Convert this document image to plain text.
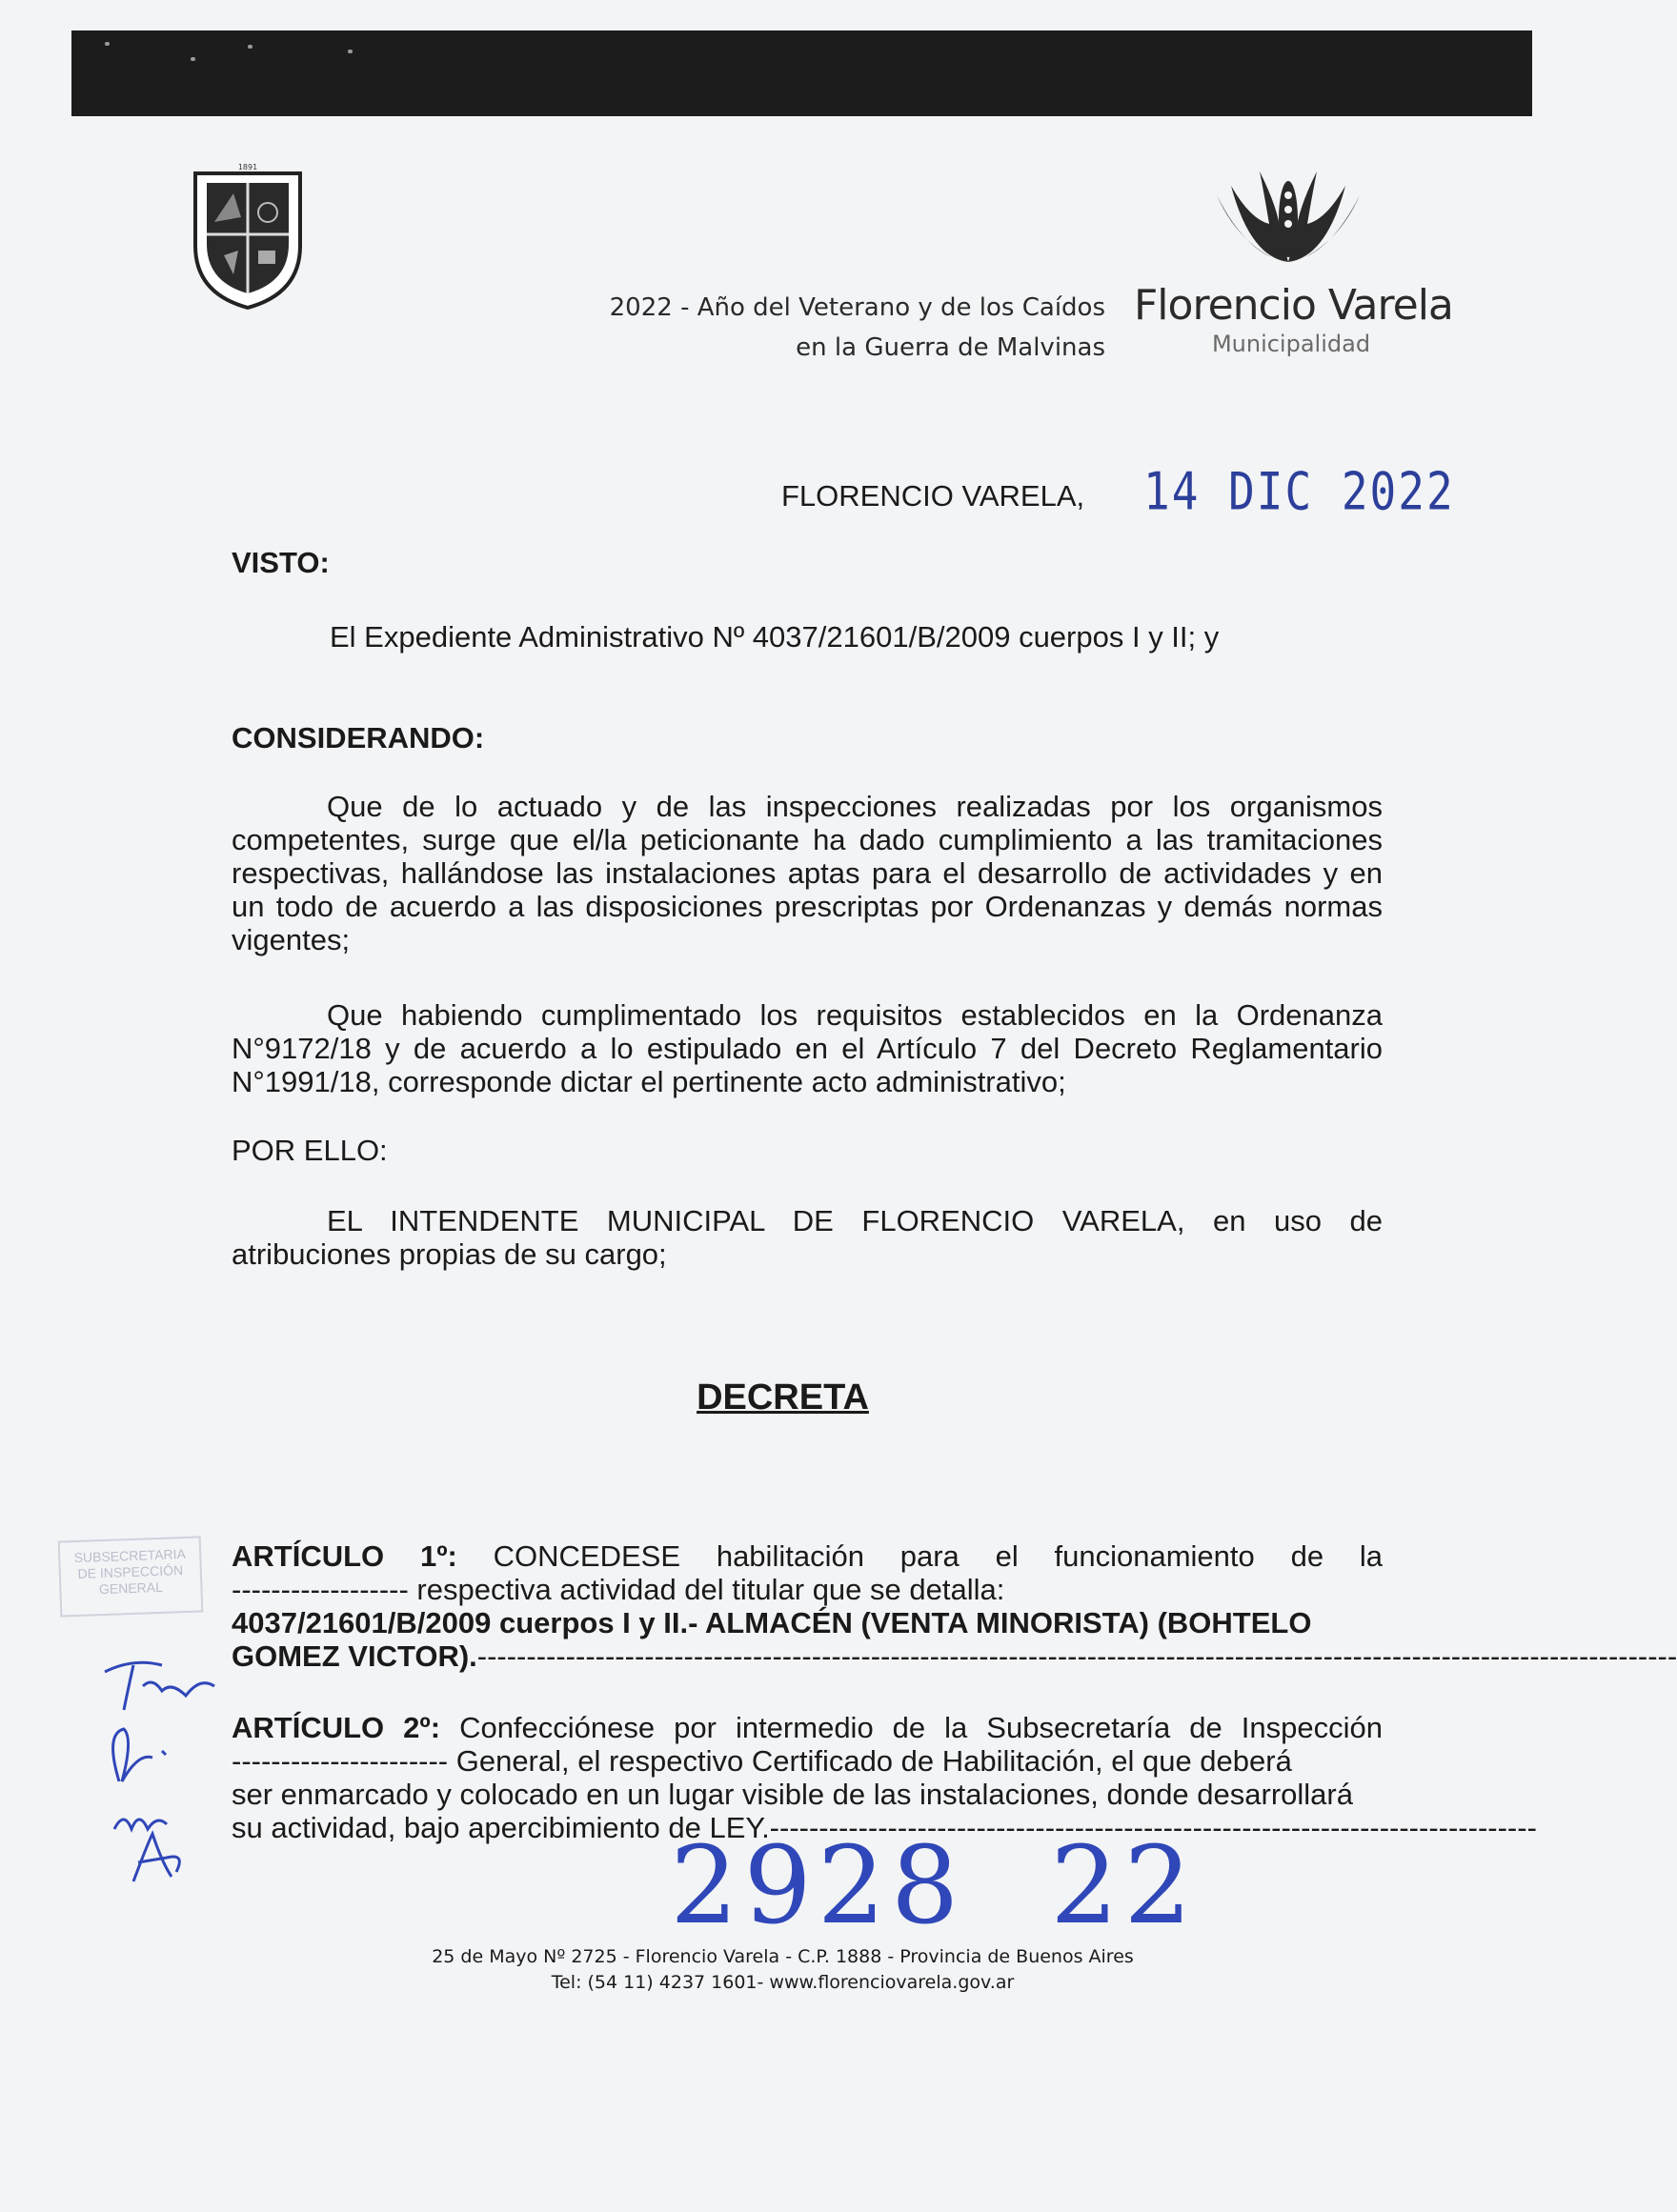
1891
2022 - Año del Veterano y de los Caídos
en la Guerra de Malvinas
Florencio Varela
Municipalidad
FLORENCIO VARELA, 14 DIC 2022
VISTO:
El Expediente Administrativo Nº 4037/21601/B/2009 cuerpos I y II; y
CONSIDERANDO:
Que de lo actuado y de las inspecciones realizadas por los organismos competentes, surge que el/la peticionante ha dado cumplimiento a las tramitaciones respectivas, hallándose las instalaciones aptas para el desarrollo de actividades y en un todo de acuerdo a las disposiciones prescriptas por Ordenanzas y demás normas vigentes;
Que habiendo cumplimentado los requisitos establecidos en la Ordenanza N°9172/18 y de acuerdo a lo estipulado en el Artículo 7 del Decreto Reglamentario N°1991/18, corresponde dictar el pertinente acto administrativo;
POR ELLO:
EL INTENDENTE MUNICIPAL DE FLORENCIO VARELA, en uso de atribuciones propias de su cargo;
DECRETA
ARTÍCULO 1º: CONCEDESE habilitación para el funcionamiento de la
------------------ respectiva actividad del titular que se detalla:
4037/21601/B/2009 cuerpos I y II.- ALMACÉN (VENTA MINORISTA) (BOHTELO
GOMEZ VICTOR).--------------------------------------------------------------------------------------------------------------------------
ARTÍCULO 2º: Confecciónese por intermedio de la Subsecretaría de Inspección
---------------------- General, el respectivo Certificado de Habilitación, el que deberá
ser enmarcado y colocado en un lugar visible de las instalaciones, donde desarrollará
su actividad, bajo apercibimiento de LEY.------------------------------------------------------------------------------
SUBSECRETARIA
DE INSPECCIÓN
GENERAL
2928 22
25 de Mayo Nº 2725 - Florencio Varela - C.P. 1888 - Provincia de Buenos Aires
Tel: (54 11) 4237 1601- www.florenciovarela.gov.ar
